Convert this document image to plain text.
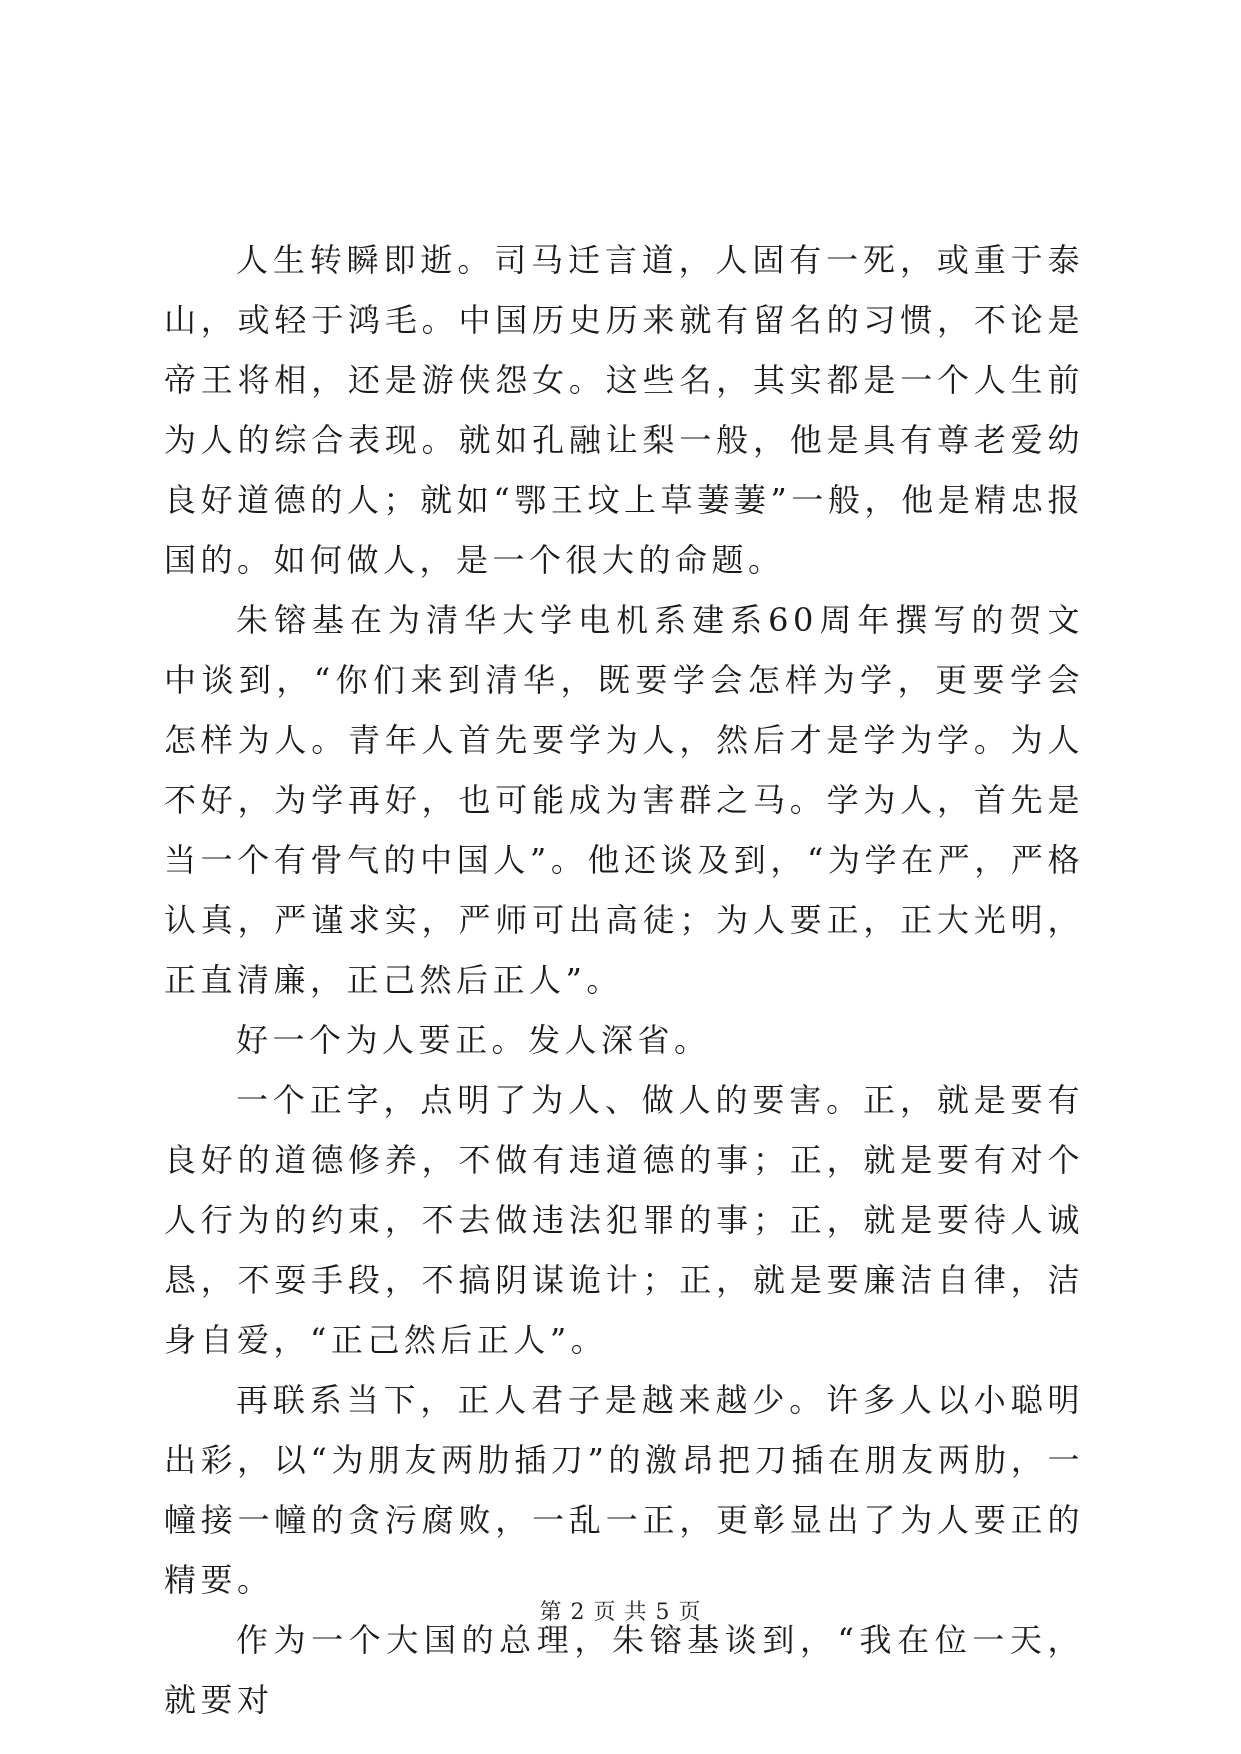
人生转瞬即逝。司马迁言道，人固有一死，或重于泰山，或轻于鸿毛。中国历史历来就有留名的习惯，不论是帝王将相，还是游侠怨女。这些名，其实都是一个人生前为人的综合表现。就如孔融让梨一般，他是具有尊老爱幼良好道德的人；就如“鄂王坟上草萋萋”一般，他是精忠报国的。如何做人，是一个很大的命题。

朱镕基在为清华大学电机系建系60周年撰写的贺文中谈到，“你们来到清华，既要学会怎样为学，更要学会怎样为人。青年人首先要学为人，然后才是学为学。为人不好，为学再好，也可能成为害群之马。学为人，首先是当一个有骨气的中国人”。他还谈及到，“为学在严，严格认真，严谨求实，严师可出高徒；为人要正，正大光明，正直清廉，正己然后正人”。

好一个为人要正。发人深省。

一个正字，点明了为人、做人的要害。正，就是要有良好的道德修养，不做有违道德的事；正，就是要有对个人行为的约束，不去做违法犯罪的事；正，就是要待人诚恳，不耍手段，不搞阴谋诡计；正，就是要廉洁自律，洁身自爱，“正己然后正人”。

再联系当下，正人君子是越来越少。许多人以小聪明出彩，以“为朋友两肋插刀”的激昂把刀插在朋友两肋，一幢接一幢的贪污腐败，一乱一正，更彰显出了为人要正的精要。

作为一个大国的总理，朱镕基谈到，“我在位一天，就要对

第 2 页 共 5 页
